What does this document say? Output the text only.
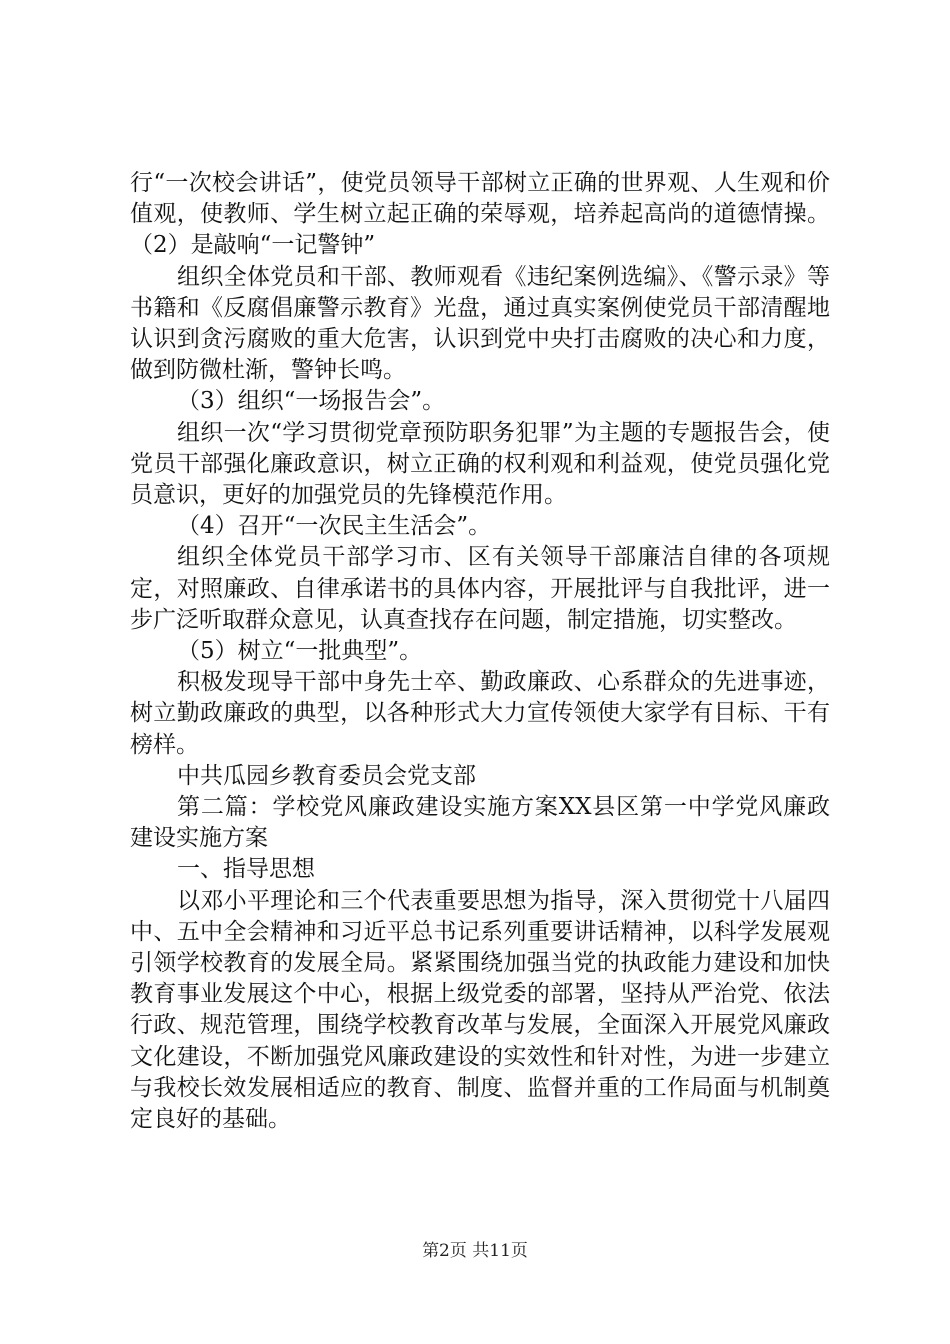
行“一次校会讲话”，使党员领导干部树立正确的世界观、人生观和价值观，使教师、学生树立起正确的荣辱观，培养起高尚的道德情操。（2）是敲响“一记警钟”

组织全体党员和干部、教师观看《违纪案例选编》、《警示录》等书籍和《反腐倡廉警示教育》光盘，通过真实案例使党员干部清醒地认识到贪污腐败的重大危害，认识到党中央打击腐败的决心和力度，做到防微杜渐，警钟长鸣。

（3）组织“一场报告会”。

组织一次“学习贯彻党章预防职务犯罪”为主题的专题报告会，使党员干部强化廉政意识，树立正确的权利观和利益观，使党员强化党员意识，更好的加强党员的先锋模范作用。

（4）召开“一次民主生活会”。

组织全体党员干部学习市、区有关领导干部廉洁自律的各项规定，对照廉政、自律承诺书的具体内容，开展批评与自我批评，进一步广泛听取群众意见，认真查找存在问题，制定措施，切实整改。

（5）树立“一批典型”。

积极发现导干部中身先士卒、勤政廉政、心系群众的先进事迹，树立勤政廉政的典型，以各种形式大力宣传领使大家学有目标、干有榜样。

中共瓜园乡教育委员会党支部

第二篇：学校党风廉政建设实施方案XX县区第一中学党风廉政建设实施方案

一、指导思想

以邓小平理论和三个代表重要思想为指导，深入贯彻党十八届四中、五中全会精神和习近平总书记系列重要讲话精神，以科学发展观引领学校教育的发展全局。紧紧围绕加强当党的执政能力建设和加快教育事业发展这个中心，根据上级党委的部署，坚持从严治党、依法行政、规范管理，围绕学校教育改革与发展，全面深入开展党风廉政文化建设，不断加强党风廉政建设的实效性和针对性，为进一步建立与我校长效发展相适应的教育、制度、监督并重的工作局面与机制奠定良好的基础。

第2页 共11页
